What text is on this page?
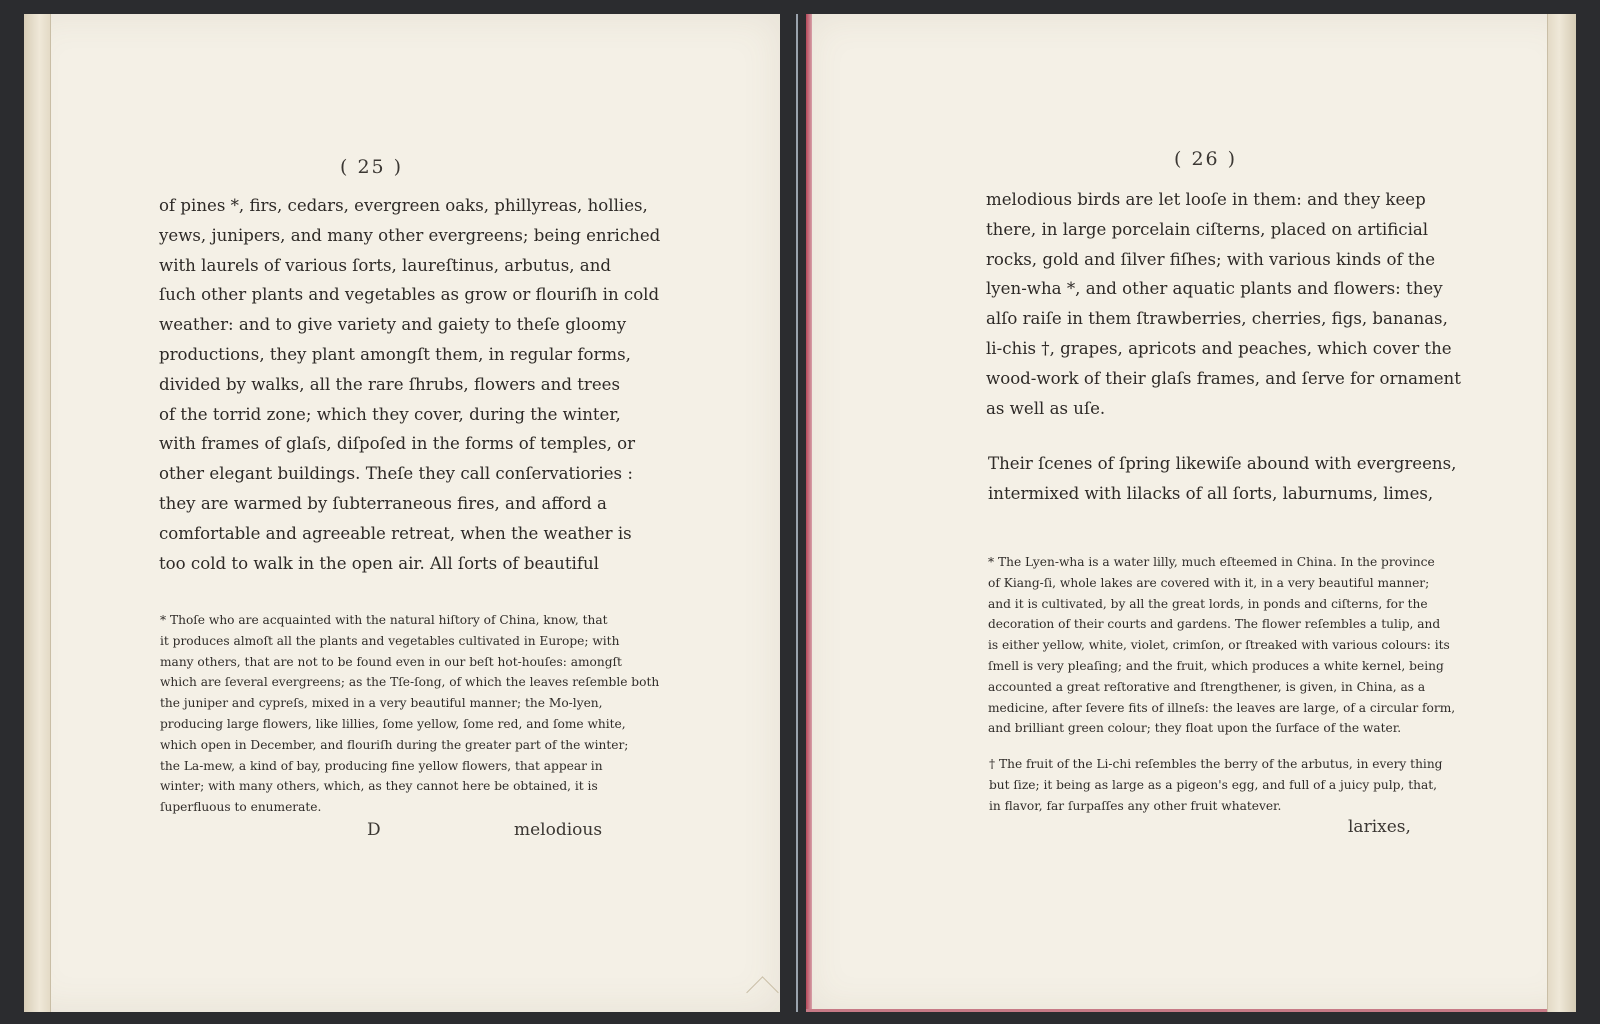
( 25 )
of pines *, firs, cedars, evergreen oaks, phillyreas, hollies,
yews, junipers, and many other evergreens; being enriched
with laurels of various ſorts, laureſtinus, arbutus, and
ſuch other plants and vegetables as grow or flouriſh in cold
weather: and to give variety and gaiety to theſe gloomy
productions, they plant amongſt them, in regular forms,
divided by walks, all the rare ſhrubs, flowers and trees
of the torrid zone; which they cover, during the winter,
with frames of glaſs, diſpoſed in the forms of temples, or
other elegant buildings. Theſe they call conſervatiories :
they are warmed by ſubterraneous fires, and afford a
comfortable and agreeable retreat, when the weather is
too cold to walk in the open air. All ſorts of beautiful
* Thoſe who are acquainted with the natural hiſtory of China, know, that
it produces almoſt all the plants and vegetables cultivated in Europe; with
many others, that are not to be found even in our beſt hot-houſes: amongſt
which are ſeveral evergreens; as the Tſe-ſong, of which the leaves reſemble both
the juniper and cypreſs, mixed in a very beautiful manner; the Mo-lyen,
producing large flowers, like lillies, ſome yellow, ſome red, and ſome white,
which open in December, and flouriſh during the greater part of the winter;
the La-mew, a kind of bay, producing fine yellow flowers, that appear in
winter; with many others, which, as they cannot here be obtained, it is
ſuperfluous to enumerate.
D	melodious
( 26 )
melodious birds are let looſe in them: and they keep
there, in large porcelain ciſterns, placed on artificial
rocks, gold and ſilver fiſhes; with various kinds of the
lyen-wha *, and other aquatic plants and flowers: they
alſo raiſe in them ſtrawberries, cherries, figs, bananas,
li-chis †, grapes, apricots and peaches, which cover the
wood-work of their glaſs frames, and ſerve for ornament
as well as uſe.
Their ſcenes of ſpring likewiſe abound with evergreens,
intermixed with lilacks of all ſorts, laburnums, limes,
* The Lyen-wha is a water lilly, much eſteemed in China. In the province
of Kiang-ſi, whole lakes are covered with it, in a very beautiful manner;
and it is cultivated, by all the great lords, in ponds and ciſterns, for the
decoration of their courts and gardens. The flower reſembles a tulip, and
is either yellow, white, violet, crimſon, or ſtreaked with various colours: its
ſmell is very pleaſing; and the fruit, which produces a white kernel, being
accounted a great reſtorative and ſtrengthener, is given, in China, as a
medicine, after ſevere fits of illneſs: the leaves are large, of a circular form,
and brilliant green colour; they float upon the ſurface of the water.
† The fruit of the Li-chi reſembles the berry of the arbutus, in every thing
but ſize; it being as large as a pigeon's egg, and full of a juicy pulp, that,
in flavor, far ſurpaſſes any other fruit whatever.
larixes,
